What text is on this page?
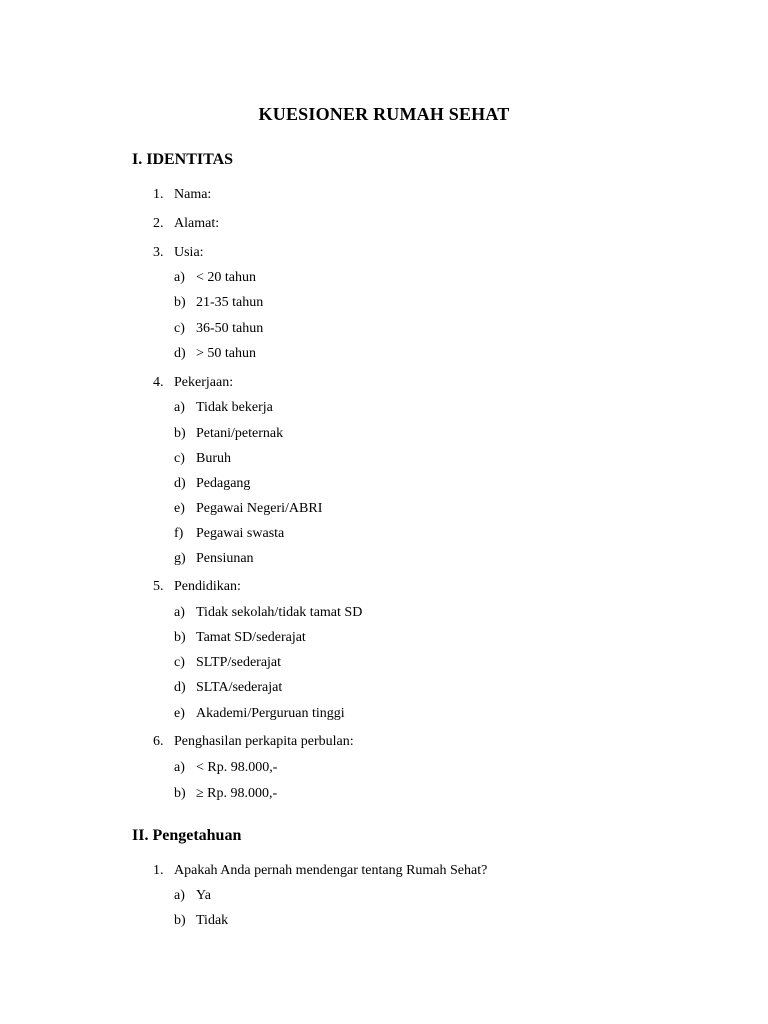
KUESIONER RUMAH SEHAT
I. IDENTITAS
1. Nama:
2. Alamat:
3. Usia:
a) < 20 tahun
b) 21-35 tahun
c) 36-50 tahun
d) > 50 tahun
4. Pekerjaan:
a) Tidak bekerja
b) Petani/peternak
c) Buruh
d) Pedagang
e) Pegawai Negeri/ABRI
f) Pegawai swasta
g) Pensiunan
5. Pendidikan:
a) Tidak sekolah/tidak tamat SD
b) Tamat SD/sederajat
c) SLTP/sederajat
d) SLTA/sederajat
e) Akademi/Perguruan tinggi
6. Penghasilan perkapita perbulan:
a) < Rp. 98.000,-
b) ≥ Rp. 98.000,-
II. Pengetahuan
1. Apakah Anda pernah mendengar tentang Rumah Sehat?
a) Ya
b) Tidak
